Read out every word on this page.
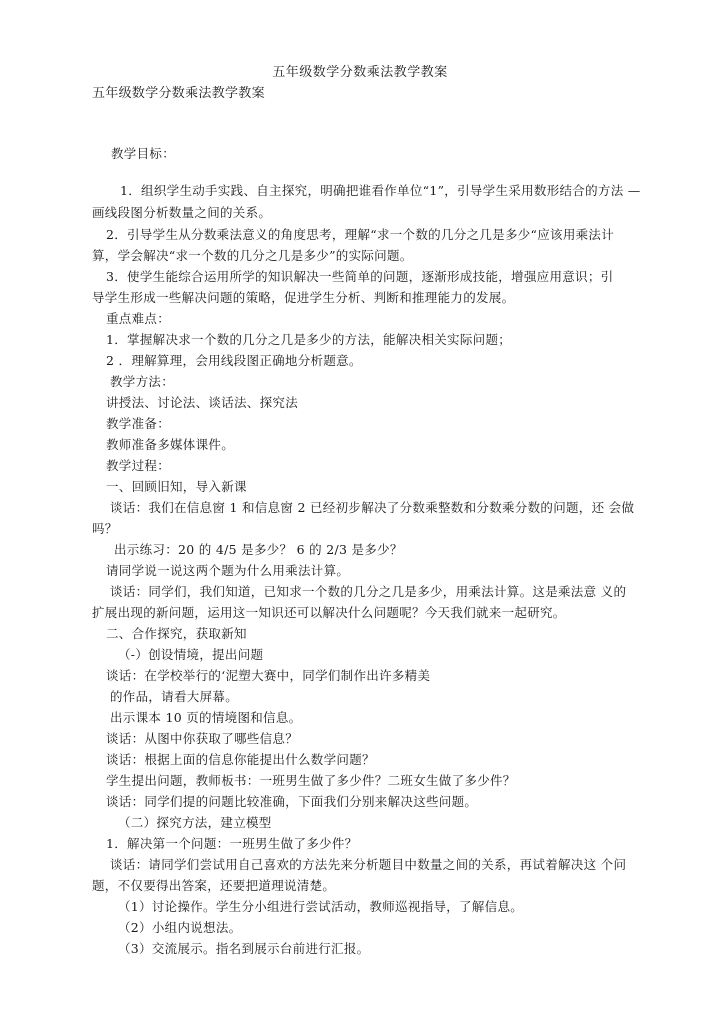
五年级数学分数乘法教学教案
五年级数学分数乘法教学教案
教学目标：
1．组织学生动手实践、自主探究，明确把谁看作单位“1”，引导学生采用数形结合的方法 —
画线段图分析数量之间的关系。
2．引导学生从分数乘法意义的角度思考，理解“求一个数的几分之几是多少“应该用乘法计
算，学会解决“求一个数的几分之几是多少”的实际问题。
3．使学生能综合运用所学的知识解决一些简单的问题，逐渐形成技能，增强应用意识；引
导学生形成一些解决问题的策略，促进学生分析、判断和推理能力的发展。
重点难点：
1．掌握解决求一个数的几分之几是多少的方法，能解决相关实际问题；
2 ．理解算理，会用线段图正确地分析题意。
教学方法：
讲授法、讨论法、谈话法、探究法
教学准备：
教师准备多媒体课件。
教学过程：
一、回顾旧知，导入新课
谈话：我们在信息窗 1 和信息窗 2 已经初步解决了分数乘整数和分数乘分数的问题，还 会做
吗？
出示练习：20 的 4/5 是多少？ 6 的 2/3 是多少？
请同学说一说这两个题为什么用乘法计算。
谈话：同学们，我们知道，已知求一个数的几分之几是多少，用乘法计算。这是乘法意 义的
扩展出现的新问题，运用这一知识还可以解决什么问题呢？今天我们就来一起研究。
二、合作探究，获取新知
（-）创设情境，提出问题
谈话：在学校举行的‘泥塑大赛中，同学们制作出许多精美
的作品，请看大屏幕。
出示课本 10 页的情境图和信息。
谈话：从图中你获取了哪些信息？
谈话：根据上面的信息你能提出什么数学问题？
学生提出问题，教师板书：一班男生做了多少件？二班女生做了多少件？
谈话：同学们提的问题比较准确，下面我们分别来解决这些问题。
（二）探究方法，建立模型
1．解决第一个问题：一班男生做了多少件？
谈话：请同学们尝试用自己喜欢的方法先来分析题目中数量之间的关系，再试着解决这 个问
题，不仅要得出答案，还要把道理说清楚。
（1）讨论操作。学生分小组进行尝试活动，教师巡视指导，了解信息。
（2）小组内说想法。
（3）交流展示。指名到展示台前进行汇报。
